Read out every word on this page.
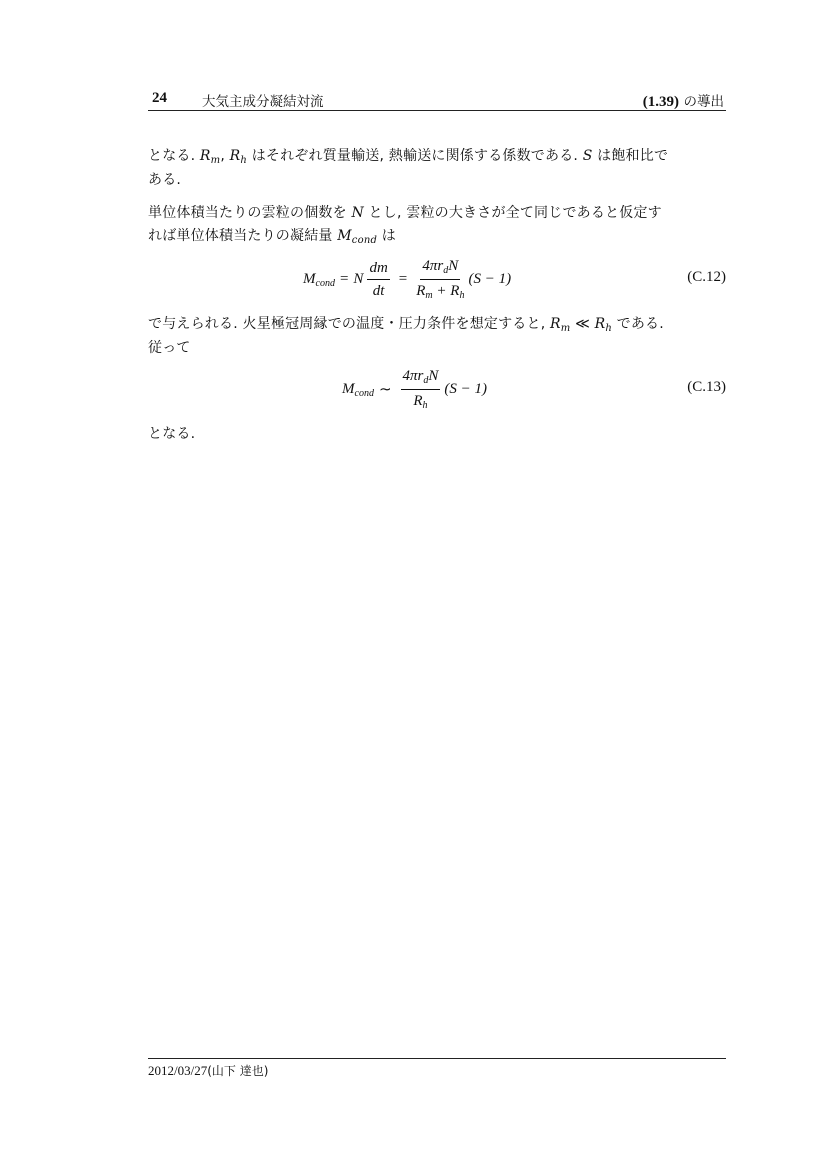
24	大気主成分凝結対流	(1.39) の導出
となる. $R_m$, $R_h$ はそれぞれ質量輸送, 熱輸送に関係する係数である. S は飽和比で
ある.
単位体積当たりの雲粒の個数を N とし, 雲粒の大きさが全て同じであると仮定す
れば単位体積当たりの凝結量 $M_{cond}$ は
$M_{cond} = N \frac{dm}{dt} = \frac{4\pi r_dN}{R_m + R_h} (S - 1)$	(C.12)
で与えられる. 火星極冠周縁での温度・圧力条件を想定すると, $R_m$ ≪ $R_h$ である.
従って
$M_{cond}$ ∼ $\frac{4\pi r_dN}{R_h} (S - 1)$	(C.13)
となる.
2012/03/27(山下 達也)
